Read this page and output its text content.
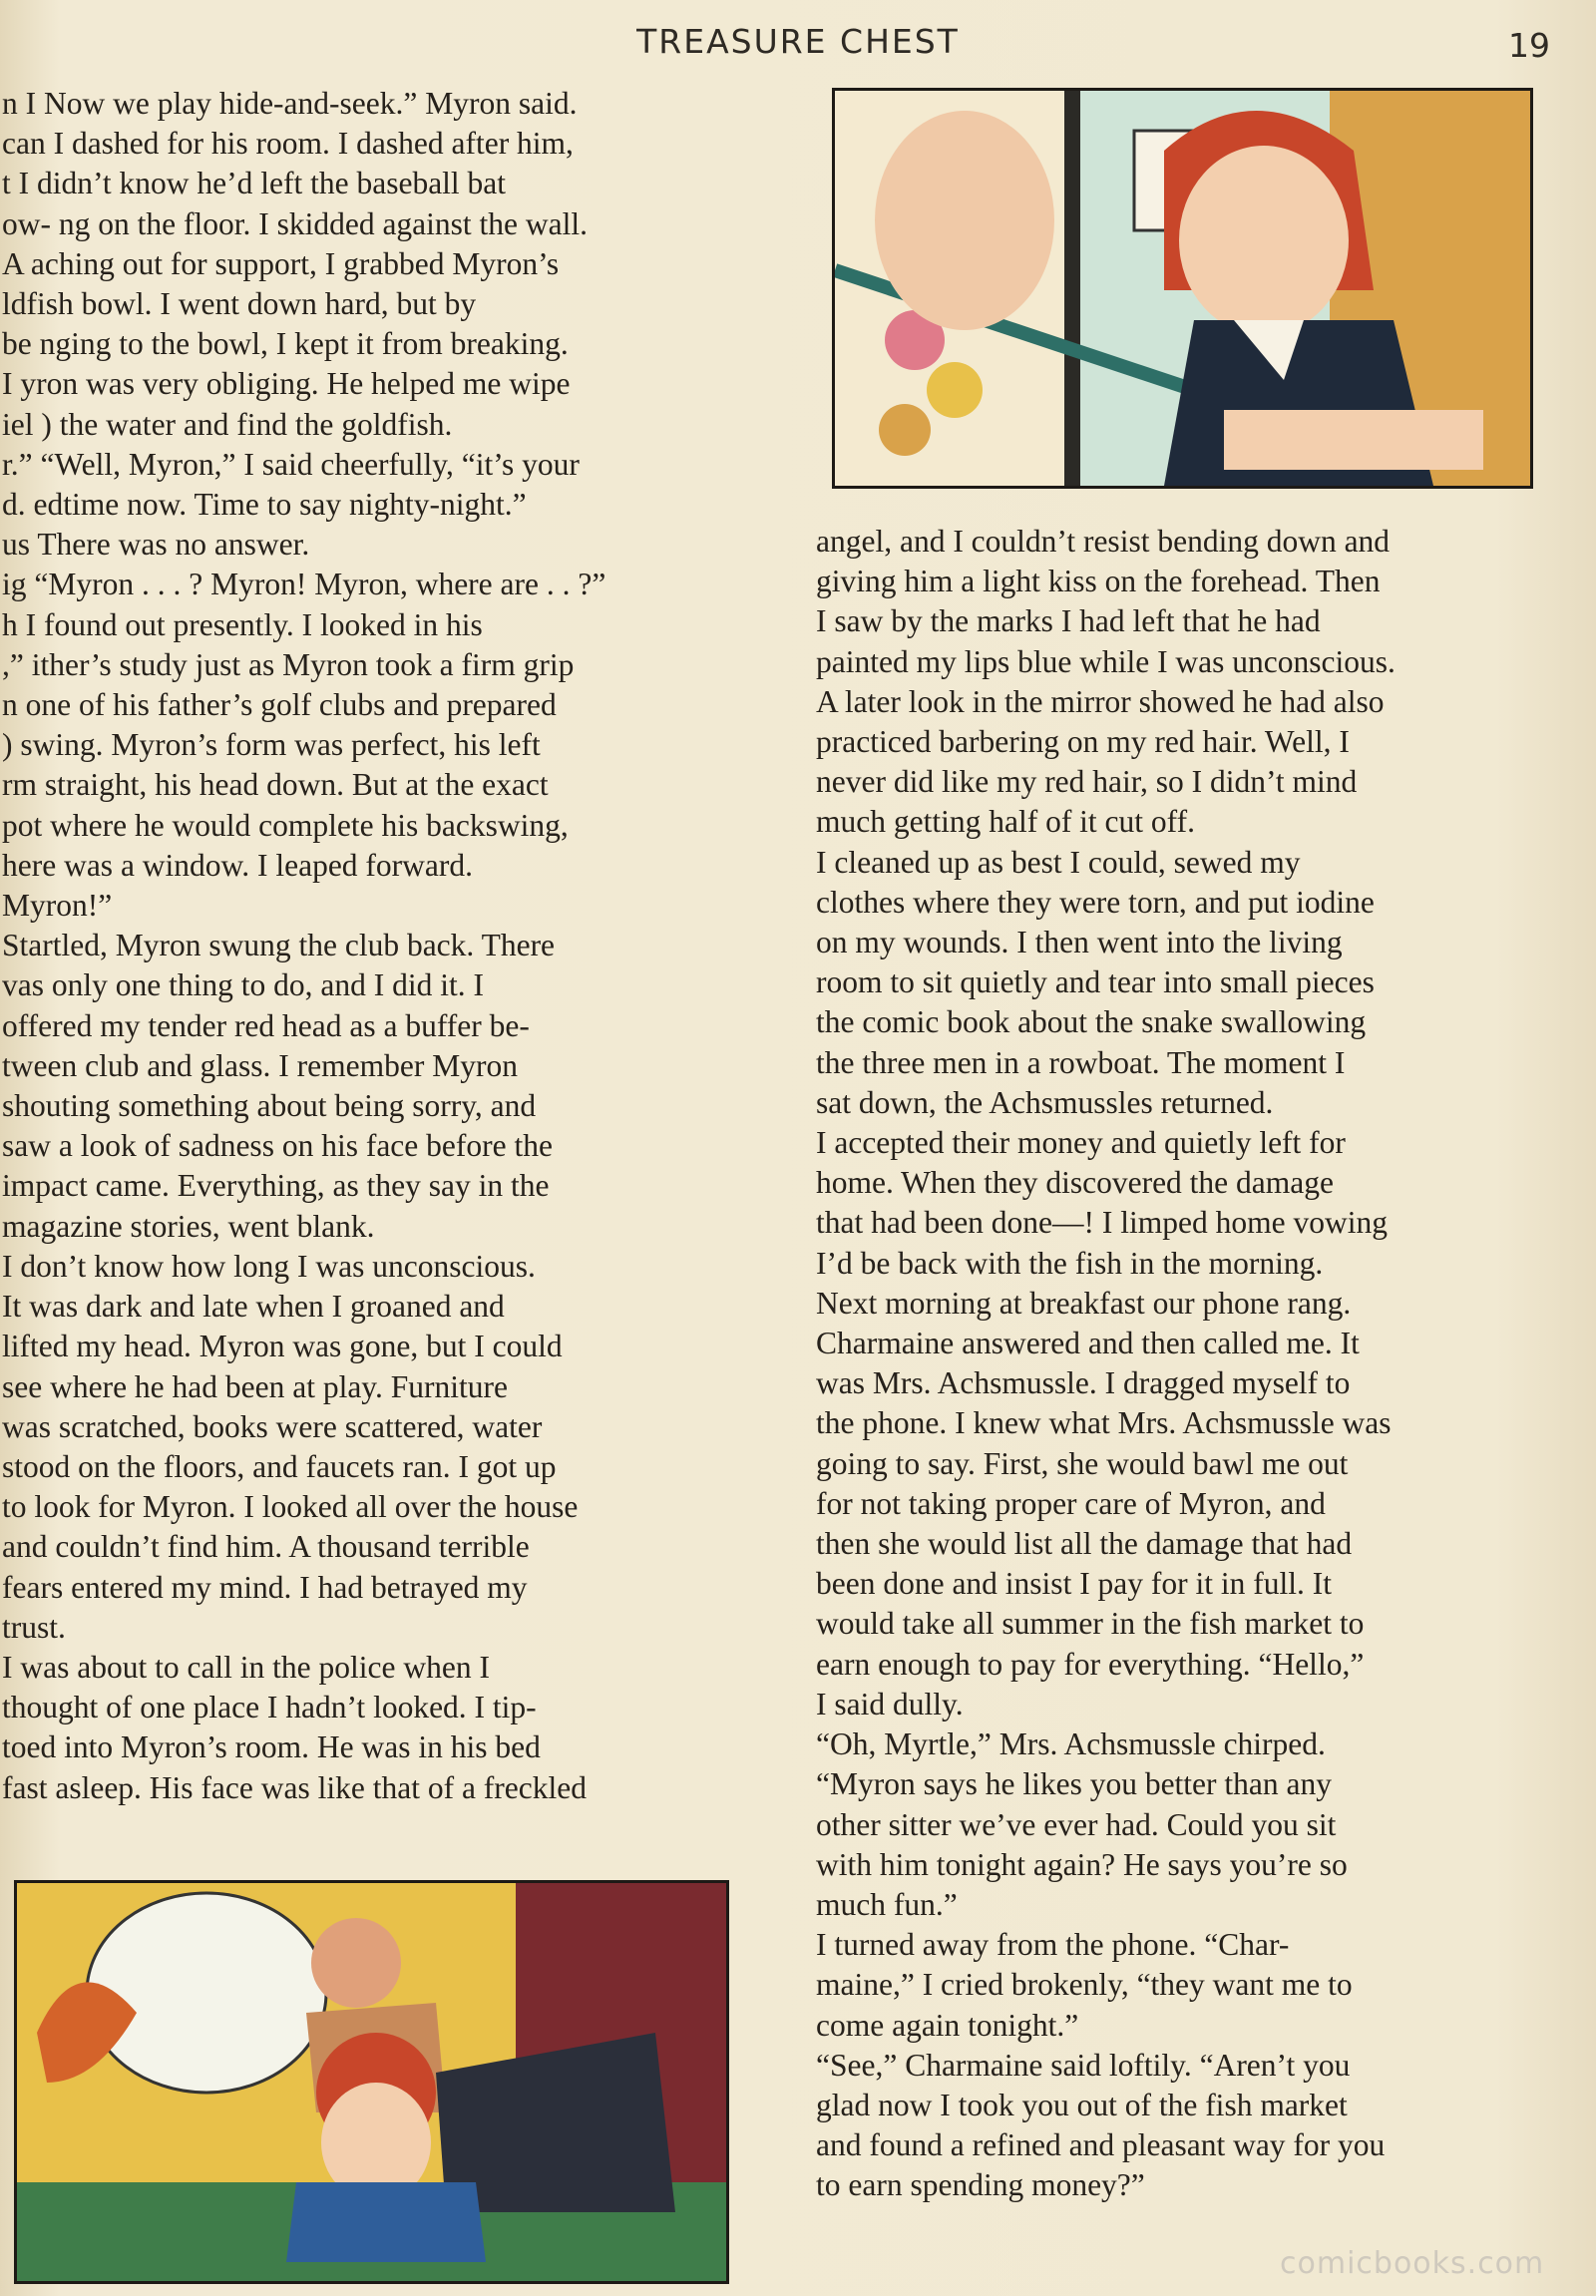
TREASURE CHEST	19

n I Now we play hide-and-seek.” Myron said.

can I dashed for his room. I dashed after him,

t I didn’t know he’d left the baseball bat

ow- ng on the floor. I skidded against the wall.

A aching out for support, I grabbed Myron’s

ldfish bowl. I went down hard, but by

be nging to the bowl, I kept it from breaking.

I yron was very obliging. He helped me wipe

iel ) the water and find the goldfish.

r.” “Well, Myron,” I said cheerfully, “it’s your

d. edtime now. Time to say nighty-night.”

us There was no answer.

ig “Myron . . . ? Myron! Myron, where are . . ?”

h I found out presently. I looked in his

,” ither’s study just as Myron took a firm grip

n one of his father’s golf clubs and prepared

) swing. Myron’s form was perfect, his left

rm straight, his head down. But at the exact

pot where he would complete his backswing,

here was a window. I leaped forward.

Myron!”

Startled, Myron swung the club back. There

vas only one thing to do, and I did it. I

offered my tender red head as a buffer be-

tween club and glass. I remember Myron

shouting something about being sorry, and

saw a look of sadness on his face before the

impact came. Everything, as they say in the

magazine stories, went blank.

I don’t know how long I was unconscious.

It was dark and late when I groaned and

lifted my head. Myron was gone, but I could

see where he had been at play. Furniture

was scratched, books were scattered, water

stood on the floors, and faucets ran. I got up

to look for Myron. I looked all over the house

and couldn’t find him. A thousand terrible

fears entered my mind. I had betrayed my

trust.

I was about to call in the police when I

thought of one place I hadn’t looked. I tip-

toed into Myron’s room. He was in his bed

fast asleep. His face was like that of a freckled

angel, and I couldn’t resist bending down and

giving him a light kiss on the forehead. Then

I saw by the marks I had left that he had

painted my lips blue while I was unconscious.

A later look in the mirror showed he had also

practiced barbering on my red hair. Well, I

never did like my red hair, so I didn’t mind

much getting half of it cut off.

I cleaned up as best I could, sewed my

clothes where they were torn, and put iodine

on my wounds. I then went into the living

room to sit quietly and tear into small pieces

the comic book about the snake swallowing

the three men in a rowboat. The moment I

sat down, the Achsmussles returned.

I accepted their money and quietly left for

home. When they discovered the damage

that had been done—! I limped home vowing

I’d be back with the fish in the morning.

Next morning at breakfast our phone rang.

Charmaine answered and then called me. It

was Mrs. Achsmussle. I dragged myself to

the phone. I knew what Mrs. Achsmussle was

going to say. First, she would bawl me out

for not taking proper care of Myron, and

then she would list all the damage that had

been done and insist I pay for it in full. It

would take all summer in the fish market to

earn enough to pay for everything. “Hello,”

I said dully.

“Oh, Myrtle,” Mrs. Achsmussle chirped.

“Myron says he likes you better than any

other sitter we’ve ever had. Could you sit

with him tonight again? He says you’re so

much fun.”

I turned away from the phone. “Char-

maine,” I cried brokenly, “they want me to

come again tonight.”

“See,” Charmaine said loftily. “Aren’t you

glad now I took you out of the fish market

and found a refined and pleasant way for you

to earn spending money?”

comicbooks.com
